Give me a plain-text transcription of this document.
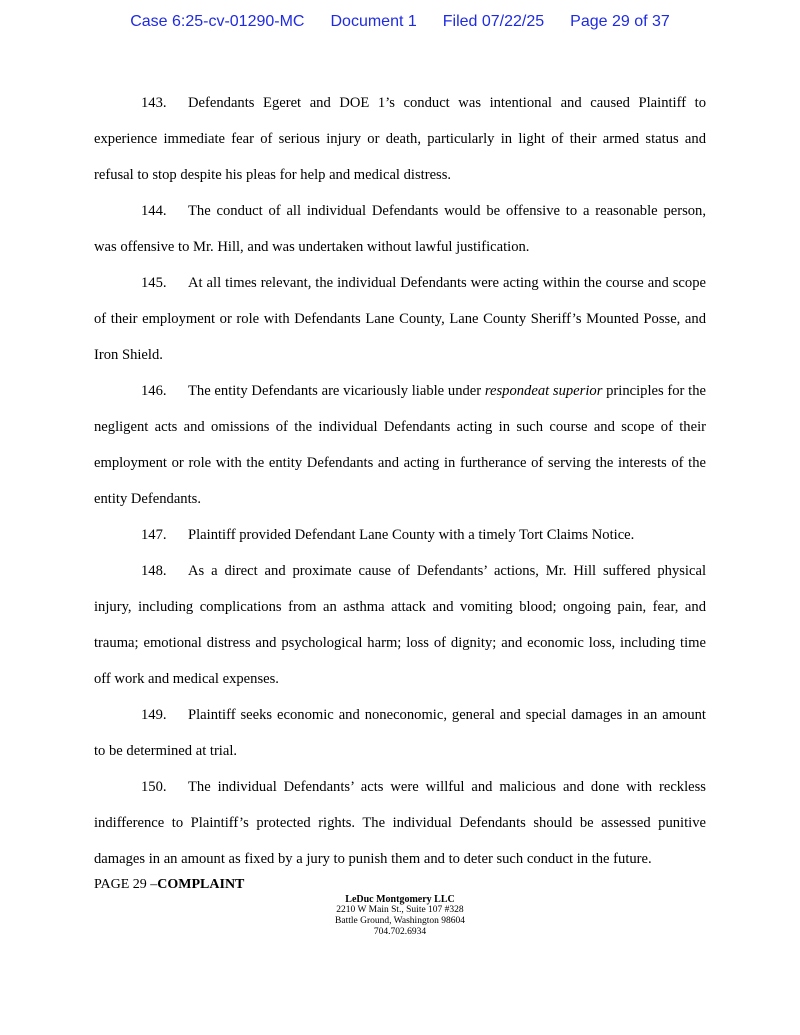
Case 6:25-cv-01290-MC Document 1 Filed 07/22/25 Page 29 of 37

143. Defendants Egeret and DOE 1’s conduct was intentional and caused Plaintiff to experience immediate fear of serious injury or death, particularly in light of their armed status and refusal to stop despite his pleas for help and medical distress.

144. The conduct of all individual Defendants would be offensive to a reasonable person, was offensive to Mr. Hill, and was undertaken without lawful justification.

145. At all times relevant, the individual Defendants were acting within the course and scope of their employment or role with Defendants Lane County, Lane County Sheriff’s Mounted Posse, and Iron Shield.

146. The entity Defendants are vicariously liable under respondeat superior principles for the negligent acts and omissions of the individual Defendants acting in such course and scope of their employment or role with the entity Defendants and acting in furtherance of serving the interests of the entity Defendants.

147. Plaintiff provided Defendant Lane County with a timely Tort Claims Notice.

148. As a direct and proximate cause of Defendants’ actions, Mr. Hill suffered physical injury, including complications from an asthma attack and vomiting blood; ongoing pain, fear, and trauma; emotional distress and psychological harm; loss of dignity; and economic loss, including time off work and medical expenses.

149. Plaintiff seeks economic and noneconomic, general and special damages in an amount to be determined at trial.

150. The individual Defendants’ acts were willful and malicious and done with reckless indifference to Plaintiff’s protected rights. The individual Defendants should be assessed punitive damages in an amount as fixed by a jury to punish them and to deter such conduct in the future.

PAGE 29 –COMPLAINT
LeDuc Montgomery LLC
2210 W Main St., Suite 107 #328
Battle Ground, Washington 98604
704.702.6934
